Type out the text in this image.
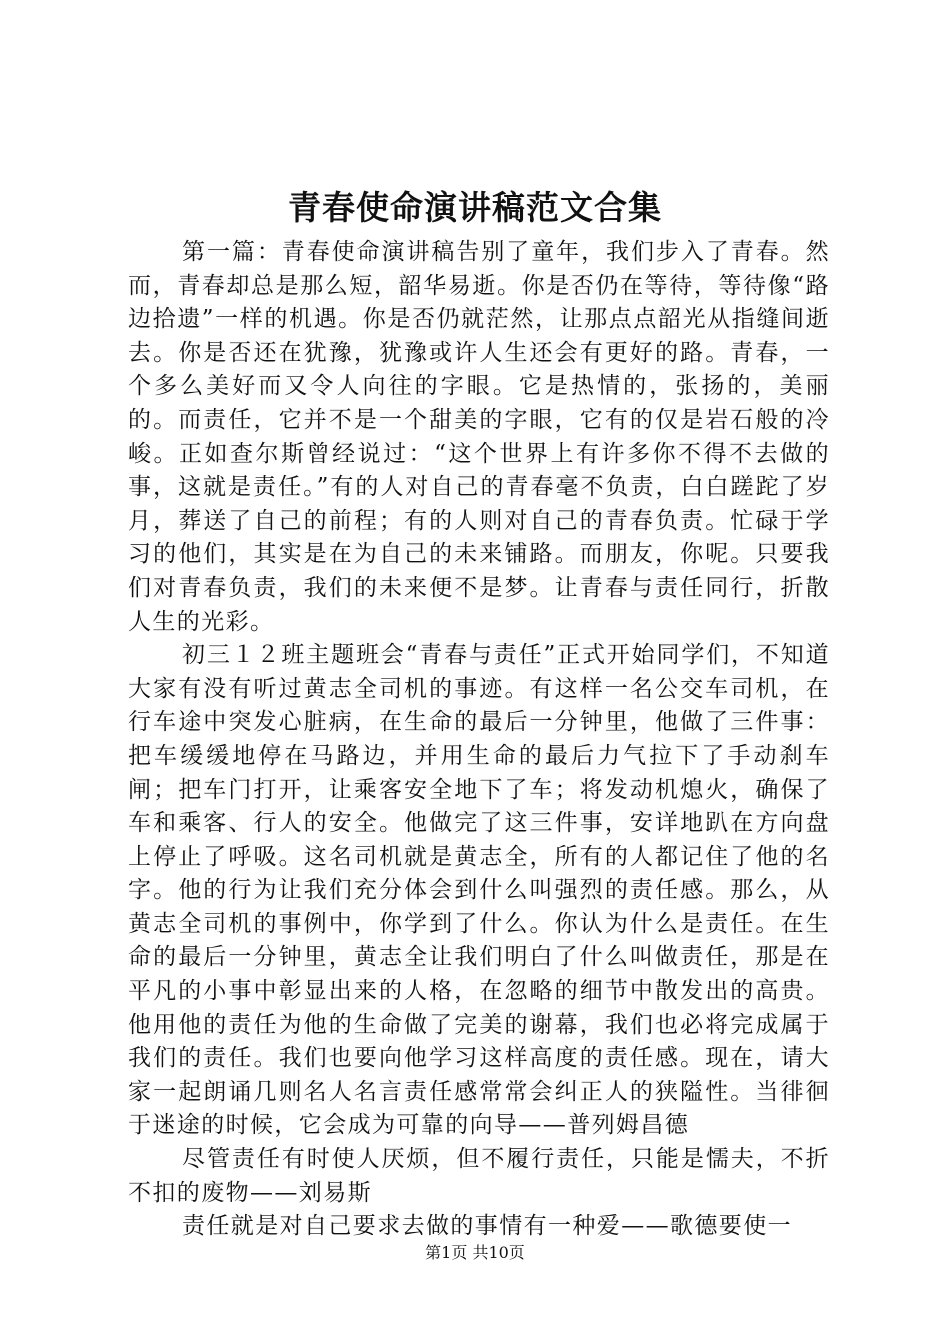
青春使命演讲稿范文合集

第一篇：青春使命演讲稿告别了童年，我们步入了青春。然而，青春却总是那么短，韶华易逝。你是否仍在等待，等待像“路边拾遗”一样的机遇。你是否仍就茫然，让那点点韶光从指缝间逝去。你是否还在犹豫，犹豫或许人生还会有更好的路。青春，一个多么美好而又令人向往的字眼。它是热情的，张扬的，美丽的。而责任，它并不是一个甜美的字眼，它有的仅是岩石般的冷峻。正如查尔斯曾经说过：“这个世界上有许多你不得不去做的事，这就是责任。”有的人对自己的青春毫不负责，白白蹉跎了岁月，葬送了自己的前程；有的人则对自己的青春负责。忙碌于学习的他们，其实是在为自己的未来铺路。而朋友，你呢。只要我们对青春负责，我们的未来便不是梦。让青春与责任同行，折散人生的光彩。

初三１２班主题班会“青春与责任”正式开始同学们，不知道大家有没有听过黄志全司机的事迹。有这样一名公交车司机，在行车途中突发心脏病，在生命的最后一分钟里，他做了三件事：把车缓缓地停在马路边，并用生命的最后力气拉下了手动刹车闸；把车门打开，让乘客安全地下了车；将发动机熄火，确保了车和乘客、行人的安全。他做完了这三件事，安详地趴在方向盘上停止了呼吸。这名司机就是黄志全，所有的人都记住了他的名字。他的行为让我们充分体会到什么叫强烈的责任感。那么，从黄志全司机的事例中，你学到了什么。你认为什么是责任。在生命的最后一分钟里，黄志全让我们明白了什么叫做责任，那是在平凡的小事中彰显出来的人格，在忽略的细节中散发出的高贵。他用他的责任为他的生命做了完美的谢幕，我们也必将完成属于我们的责任。我们也要向他学习这样高度的责任感。现在，请大家一起朗诵几则名人名言责任感常常会纠正人的狭隘性。当徘徊于迷途的时候，它会成为可靠的向导——普列姆昌德

尽管责任有时使人厌烦，但不履行责任，只能是懦夫，不折不扣的废物——刘易斯

责任就是对自己要求去做的事情有一种爱——歌德要使一

第1页 共10页
